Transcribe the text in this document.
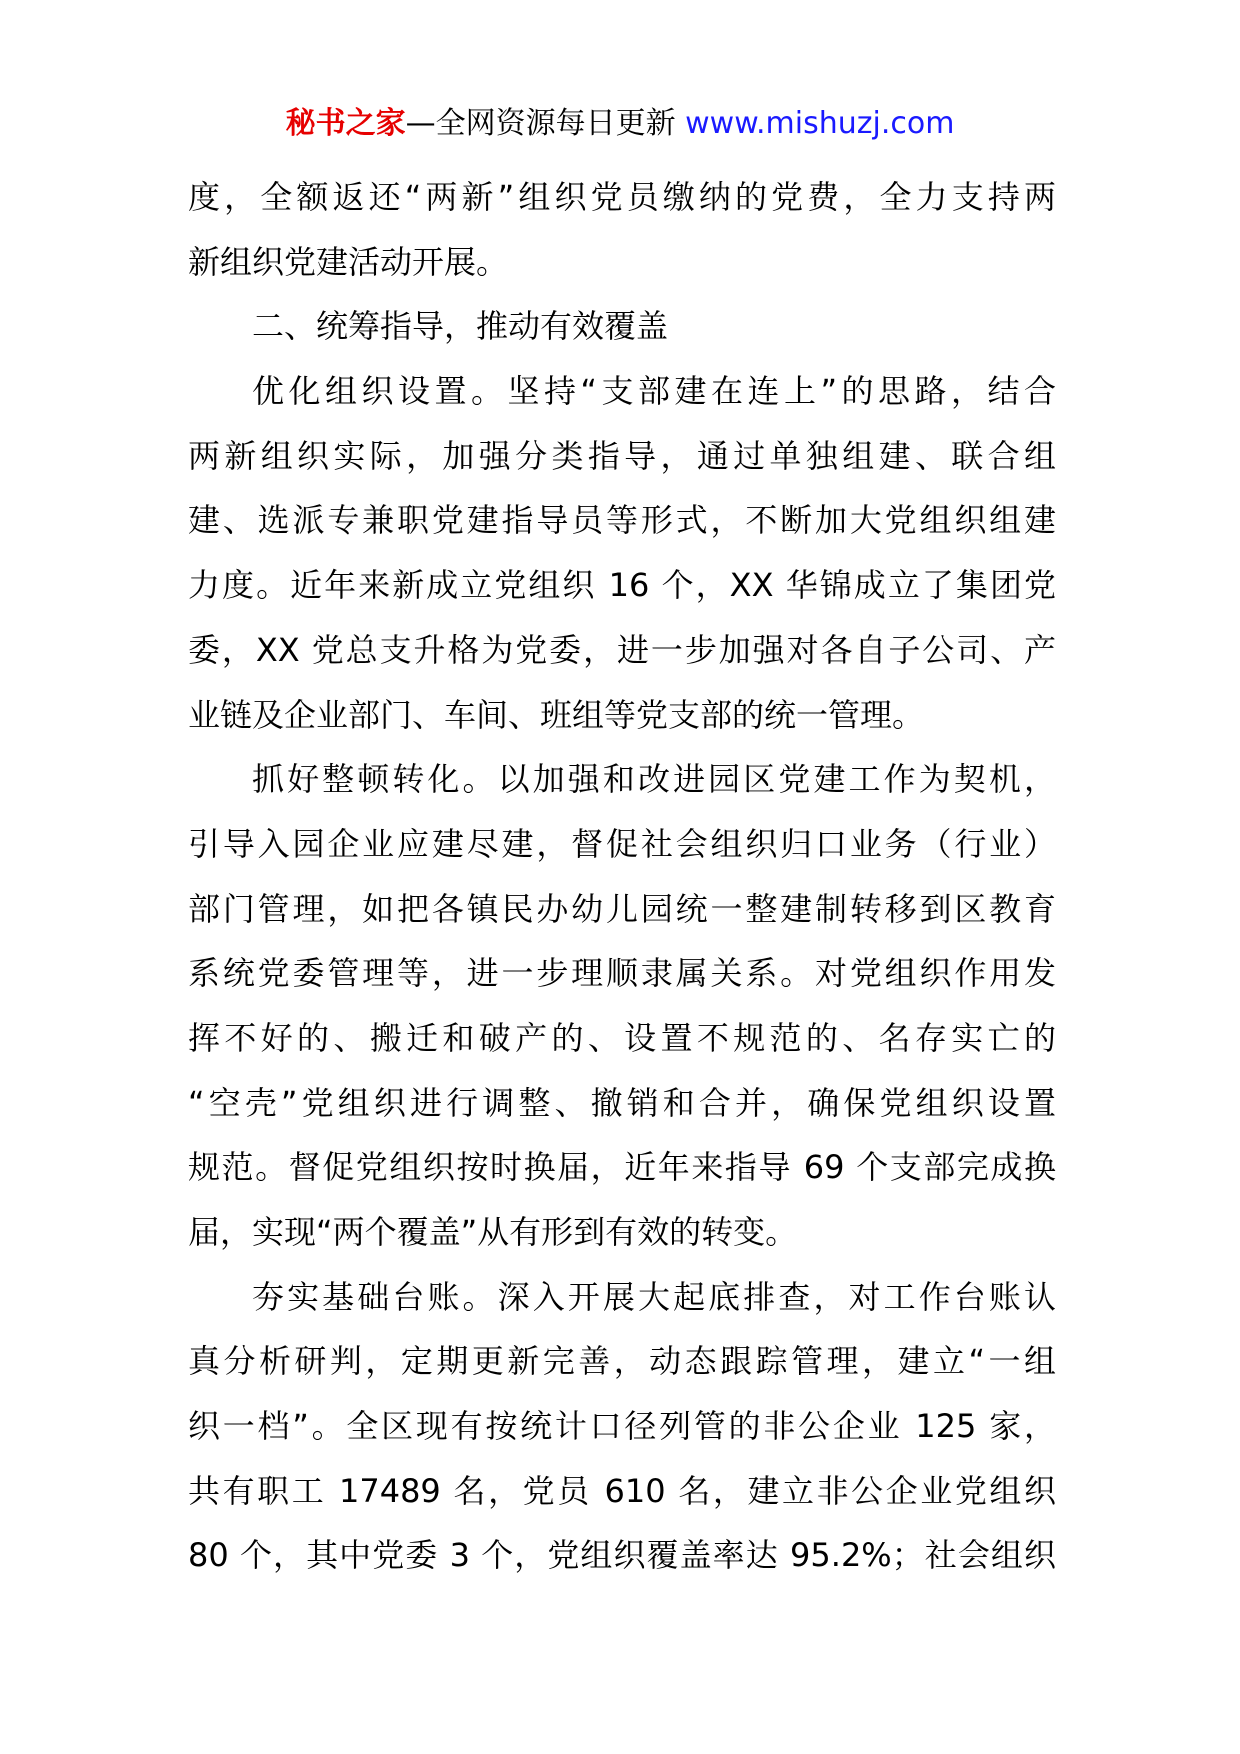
秘书之家—全网资源每日更新 www.mishuzj.com
度，全额返还“两新”组织党员缴纳的党费，全力支持两
新组织党建活动开展。
二、统筹指导，推动有效覆盖
优化组织设置。坚持“支部建在连上”的思路，结合
两新组织实际，加强分类指导，通过单独组建、联合组
建、选派专兼职党建指导员等形式，不断加大党组织组建
力度。近年来新成立党组织 16 个，XX 华锦成立了集团党
委，XX 党总支升格为党委，进一步加强对各自子公司、产
业链及企业部门、车间、班组等党支部的统一管理。
抓好整顿转化。以加强和改进园区党建工作为契机，
引导入园企业应建尽建，督促社会组织归口业务（行业）
部门管理，如把各镇民办幼儿园统一整建制转移到区教育
系统党委管理等，进一步理顺隶属关系。对党组织作用发
挥不好的、搬迁和破产的、设置不规范的、名存实亡的
“空壳”党组织进行调整、撤销和合并，确保党组织设置
规范。督促党组织按时换届，近年来指导 69 个支部完成换
届，实现“两个覆盖”从有形到有效的转变。
夯实基础台账。深入开展大起底排查，对工作台账认
真分析研判，定期更新完善，动态跟踪管理，建立“一组
织一档”。全区现有按统计口径列管的非公企业 125 家，
共有职工 17489 名，党员 610 名，建立非公企业党组织
80 个，其中党委 3 个，党组织覆盖率达 95.2%；社会组织
